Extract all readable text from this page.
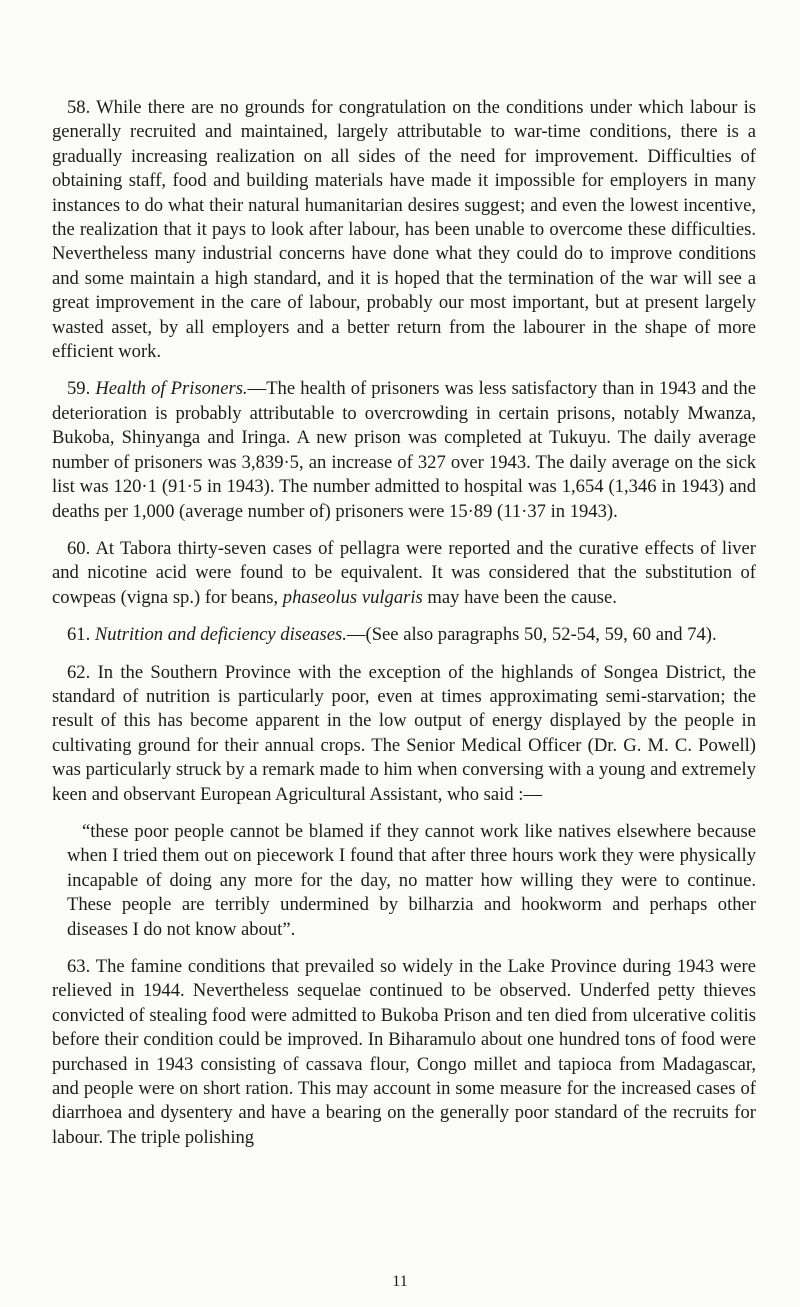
58. While there are no grounds for congratulation on the conditions under which labour is generally recruited and maintained, largely attributable to war-time conditions, there is a gradually increasing realization on all sides of the need for improvement. Difficulties of obtaining staff, food and building materials have made it impossible for employers in many instances to do what their natural humanitarian desires suggest; and even the lowest incentive, the realization that it pays to look after labour, has been unable to overcome these difficulties. Nevertheless many industrial concerns have done what they could do to improve conditions and some maintain a high standard, and it is hoped that the termination of the war will see a great improvement in the care of labour, probably our most important, but at present largely wasted asset, by all employers and a better return from the labourer in the shape of more efficient work.

59. Health of Prisoners.—The health of prisoners was less satisfactory than in 1943 and the deterioration is probably attributable to overcrowding in certain prisons, notably Mwanza, Bukoba, Shinyanga and Iringa. A new prison was completed at Tukuyu. The daily average number of prisoners was 3,839·5, an increase of 327 over 1943. The daily average on the sick list was 120·1 (91·5 in 1943). The number admitted to hospital was 1,654 (1,346 in 1943) and deaths per 1,000 (average number of) prisoners were 15·89 (11·37 in 1943).

60. At Tabora thirty-seven cases of pellagra were reported and the curative effects of liver and nicotine acid were found to be equivalent. It was considered that the substitution of cowpeas (vigna sp.) for beans, phaseolus vulgaris may have been the cause.

61. Nutrition and deficiency diseases.—(See also paragraphs 50, 52-54, 59, 60 and 74).

62. In the Southern Province with the exception of the highlands of Songea District, the standard of nutrition is particularly poor, even at times approximating semi-starvation; the result of this has become apparent in the low output of energy displayed by the people in cultivating ground for their annual crops. The Senior Medical Officer (Dr. G. M. C. Powell) was particularly struck by a remark made to him when conversing with a young and extremely keen and observant European Agricultural Assistant, who said :—

“these poor people cannot be blamed if they cannot work like natives elsewhere because when I tried them out on piecework I found that after three hours work they were physically incapable of doing any more for the day, no matter how willing they were to continue. These people are terribly undermined by bilharzia and hookworm and perhaps other diseases I do not know about”.

63. The famine conditions that prevailed so widely in the Lake Province during 1943 were relieved in 1944. Nevertheless sequelae continued to be observed. Underfed petty thieves convicted of stealing food were admitted to Bukoba Prison and ten died from ulcerative colitis before their condition could be improved. In Biharamulo about one hundred tons of food were purchased in 1943 consisting of cassava flour, Congo millet and tapioca from Madagascar, and people were on short ration. This may account in some measure for the increased cases of diarrhoea and dysentery and have a bearing on the generally poor standard of the recruits for labour. The triple polishing

11
